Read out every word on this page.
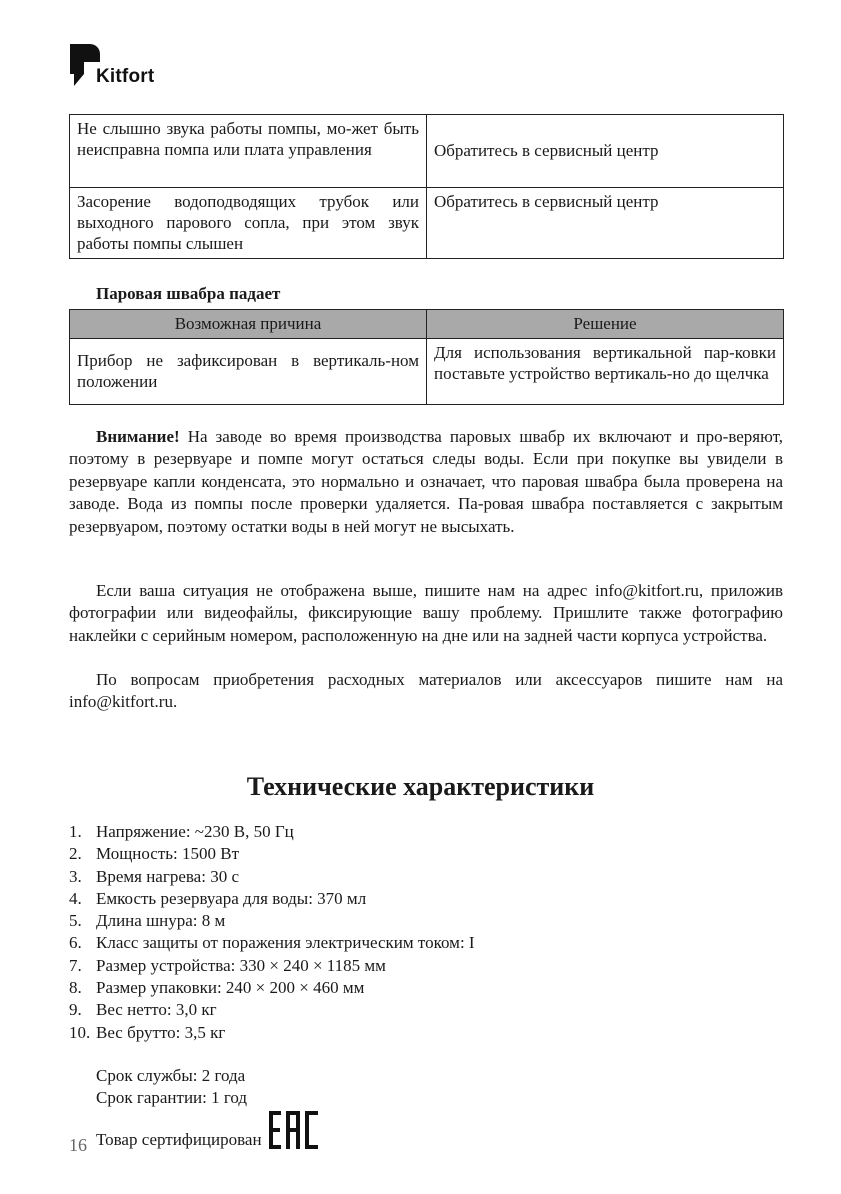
Kitfort
Не слышно звука работы помпы, мо-жет быть неисправна помпа или плата управления	Обратитесь в сервисный центр
Засорение водоподводящих трубок или выходного парового сопла, при этом звук работы помпы слышен	Обратитесь в сервисный центр
Паровая швабра падает
Возможная причина	Решение
Прибор не зафиксирован в вертикаль-ном положении	Для использования вертикальной пар-ковки поставьте устройство вертикаль-но до щелчка

Внимание! На заводе во время производства паровых швабр их включают и про-веряют, поэтому в резервуаре и помпе могут остаться следы воды. Если при покупке вы увидели в резервуаре капли конденсата, это нормально и означает, что паровая швабра была проверена на заводе. Вода из помпы после проверки удаляется. Па-ровая швабра поставляется с закрытым резервуаром, поэтому остатки воды в ней могут не высыхать.

Если ваша ситуация не отображена выше, пишите нам на адрес info@kitfort.ru, приложив фотографии или видеофайлы, фиксирующие вашу проблему. Пришлите также фотографию наклейки с серийным номером, расположенную на дне или на задней части корпуса устройства.

По вопросам приобретения расходных материалов или аксессуаров пишите нам на info@kitfort.ru.

Технические характеристики
1. Напряжение: ~230 В, 50 Гц
2. Мощность: 1500 Вт
3. Время нагрева: 30 с
4. Емкость резервуара для воды: 370 мл
5. Длина шнура: 8 м
6. Класс защиты от поражения электрическим током: I
7. Размер устройства: 330 × 240 × 1185 мм
8. Размер упаковки: 240 × 200 × 460 мм
9. Вес нетто: 3,0 кг
10. Вес брутто: 3,5 кг
Срок службы: 2 года
Срок гарантии: 1 год
Товар сертифицирован
16
